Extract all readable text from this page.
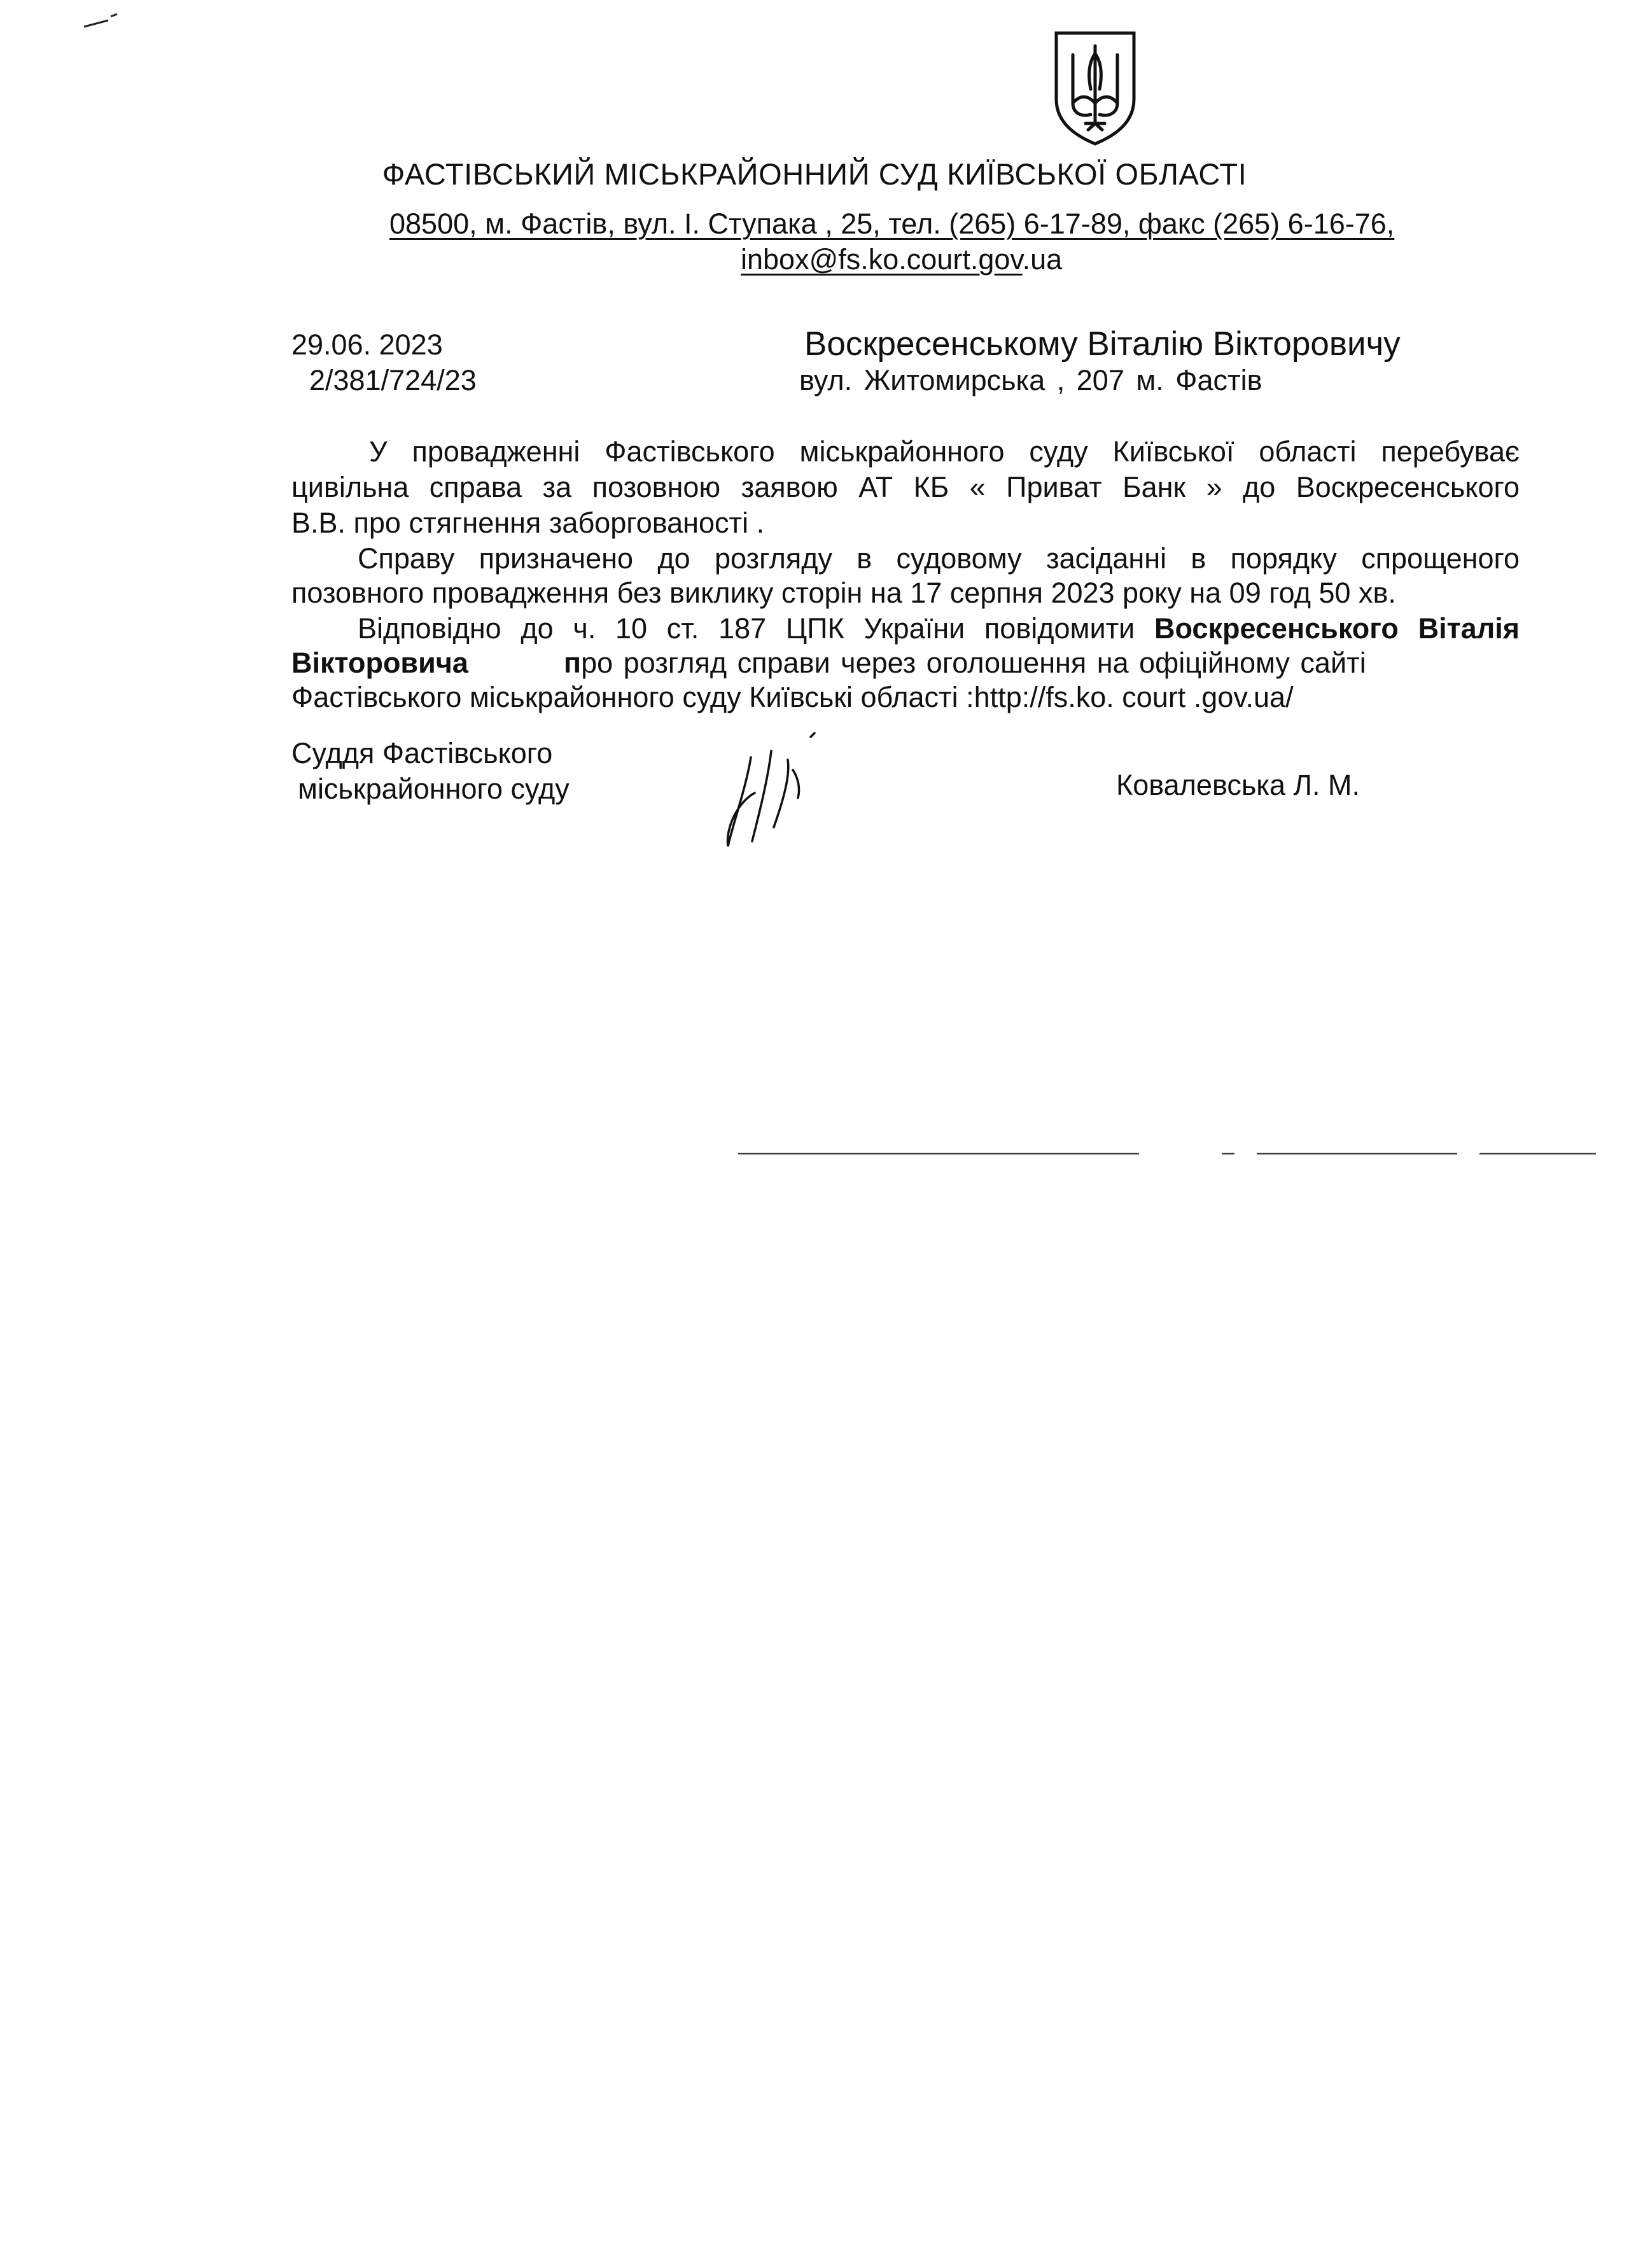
ФАСТІВСЬКИЙ МІСЬКРАЙОННИЙ СУД КИЇВСЬКОЇ ОБЛАСТІ
08500, м. Фастів, вул. І. Ступака , 25, тел. (265) 6-17-89, факс (265) 6-16-76,
inbox@fs.ko.court.gov.ua
29.06. 2023
2/381/724/23
Воскресенському Віталію Вікторовичу
вул. Житомирська , 207 м. Фастів
У провадженні Фастівського міськрайонного суду Київської області перебуває
цивільна справа за позовною заявою АТ КБ « Приват Банк » до Воскресенського
В.В. про стягнення заборгованості .
Справу призначено до розгляду в судовому засіданні в порядку спрощеного
позовного провадження без виклику сторін на 17 серпня 2023 року на 09 год 50 хв.
Відповідно до ч. 10 ст. 187 ЦПК України повідомити Воскресенського Віталія
Вікторовича	про розгляд справи через оголошення на офіційному сайті
Фастівського міськрайонного суду Київські області :http://fs.ko. court .gov.ua/
Суддя Фастівського
міськрайонного суду	Ковалевська Л. М.
